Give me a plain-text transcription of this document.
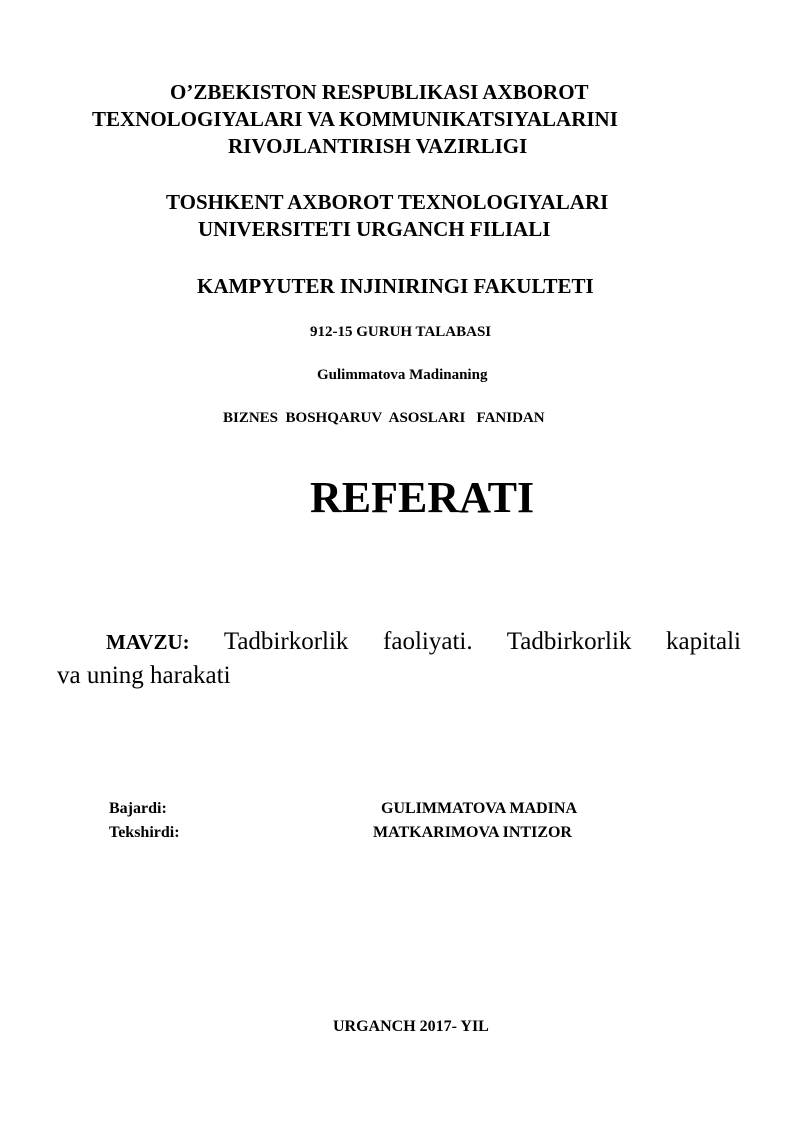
O’ZBEKISTON RESPUBLIKASI AXBOROT
TEXNOLOGIYALARI VA KOMMUNIKATSIYALARINI
RIVOJLANTIRISH VAZIRLIGI
TOSHKENT AXBOROT TEXNOLOGIYALARI
UNIVERSITETI URGANCH FILIALI
KAMPYUTER INJINIRINGI FAKULTETI
912-15 GURUH TALABASI
Gulimmatova Madinaning
BIZNES  BOSHQARUV  ASOSLARI   FANIDAN
REFERATI
MAVZU: Tadbirkorlik faoliyati. Tadbirkorlik kapitali
va uning harakati
Bajardi:	GULIMMATOVA MADINA
Tekshirdi:	MATKARIMOVA INTIZOR
URGANCH 2017- YIL
